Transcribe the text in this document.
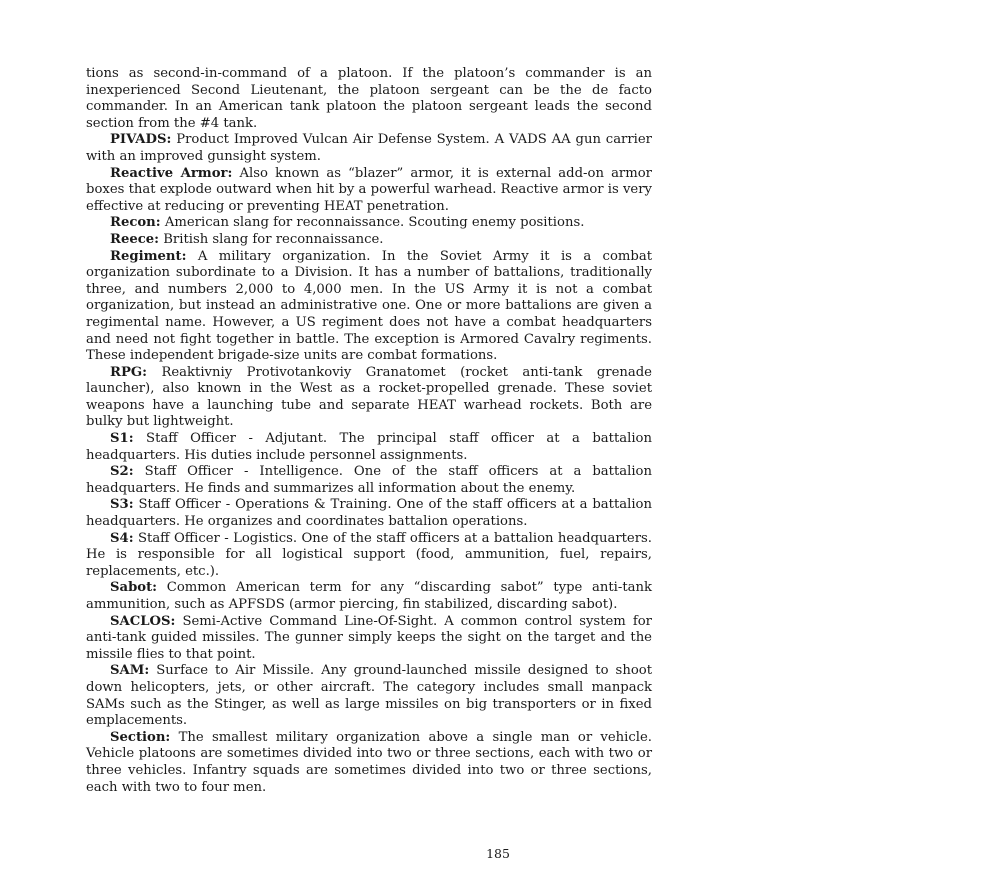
tions as second-in-command of a platoon. If the platoon’s commander is an inexperienced Second Lieutenant, the platoon sergeant can be the de facto commander. In an American tank platoon the platoon sergeant leads the second section from the #4 tank.

PIVADS: Product Improved Vulcan Air Defense System. A VADS AA gun carrier with an improved gunsight system.

Reactive Armor: Also known as “blazer” armor, it is external add-on armor boxes that explode outward when hit by a powerful warhead. Reactive armor is very effective at reducing or preventing HEAT penetration.

Recon: American slang for reconnaissance. Scouting enemy positions.

Reece: British slang for reconnaissance.

Regiment: A military organization. In the Soviet Army it is a combat organization subordinate to a Division. It has a number of battalions, traditionally three, and numbers 2,000 to 4,000 men. In the US Army it is not a combat organization, but instead an administrative one. One or more battalions are given a regimental name. However, a US regiment does not have a combat headquarters and need not fight together in battle. The exception is Armored Cavalry regiments. These independent brigade-size units are combat formations.

RPG: Reaktivniy Protivotankoviy Granatomet (rocket anti-tank grenade launcher), also known in the West as a rocket-propelled grenade. These soviet weapons have a launching tube and separate HEAT warhead rockets. Both are bulky but lightweight.

S1: Staff Officer - Adjutant. The principal staff officer at a battalion headquarters. His duties include personnel assignments.

S2: Staff Officer - Intelligence. One of the staff officers at a battalion headquarters. He finds and summarizes all information about the enemy.

S3: Staff Officer - Operations & Training. One of the staff officers at a battalion headquarters. He organizes and coordinates battalion operations.

S4: Staff Officer - Logistics. One of the staff officers at a battalion headquarters. He is responsible for all logistical support (food, ammunition, fuel, repairs, replacements, etc.).

Sabot: Common American term for any “discarding sabot” type anti-tank ammunition, such as APFSDS (armor piercing, fin stabilized, discarding sabot).

SACLOS: Semi-Active Command Line-Of-Sight. A common control system for anti-tank guided missiles. The gunner simply keeps the sight on the target and the missile flies to that point.

SAM: Surface to Air Missile. Any ground-launched missile designed to shoot down helicopters, jets, or other aircraft. The category includes small manpack SAMs such as the Stinger, as well as large missiles on big transporters or in fixed emplacements.

Section: The smallest military organization above a single man or vehicle. Vehicle platoons are sometimes divided into two or three sections, each with two or three vehicles. Infantry squads are sometimes divided into two or three sections, each with two to four men.

185
